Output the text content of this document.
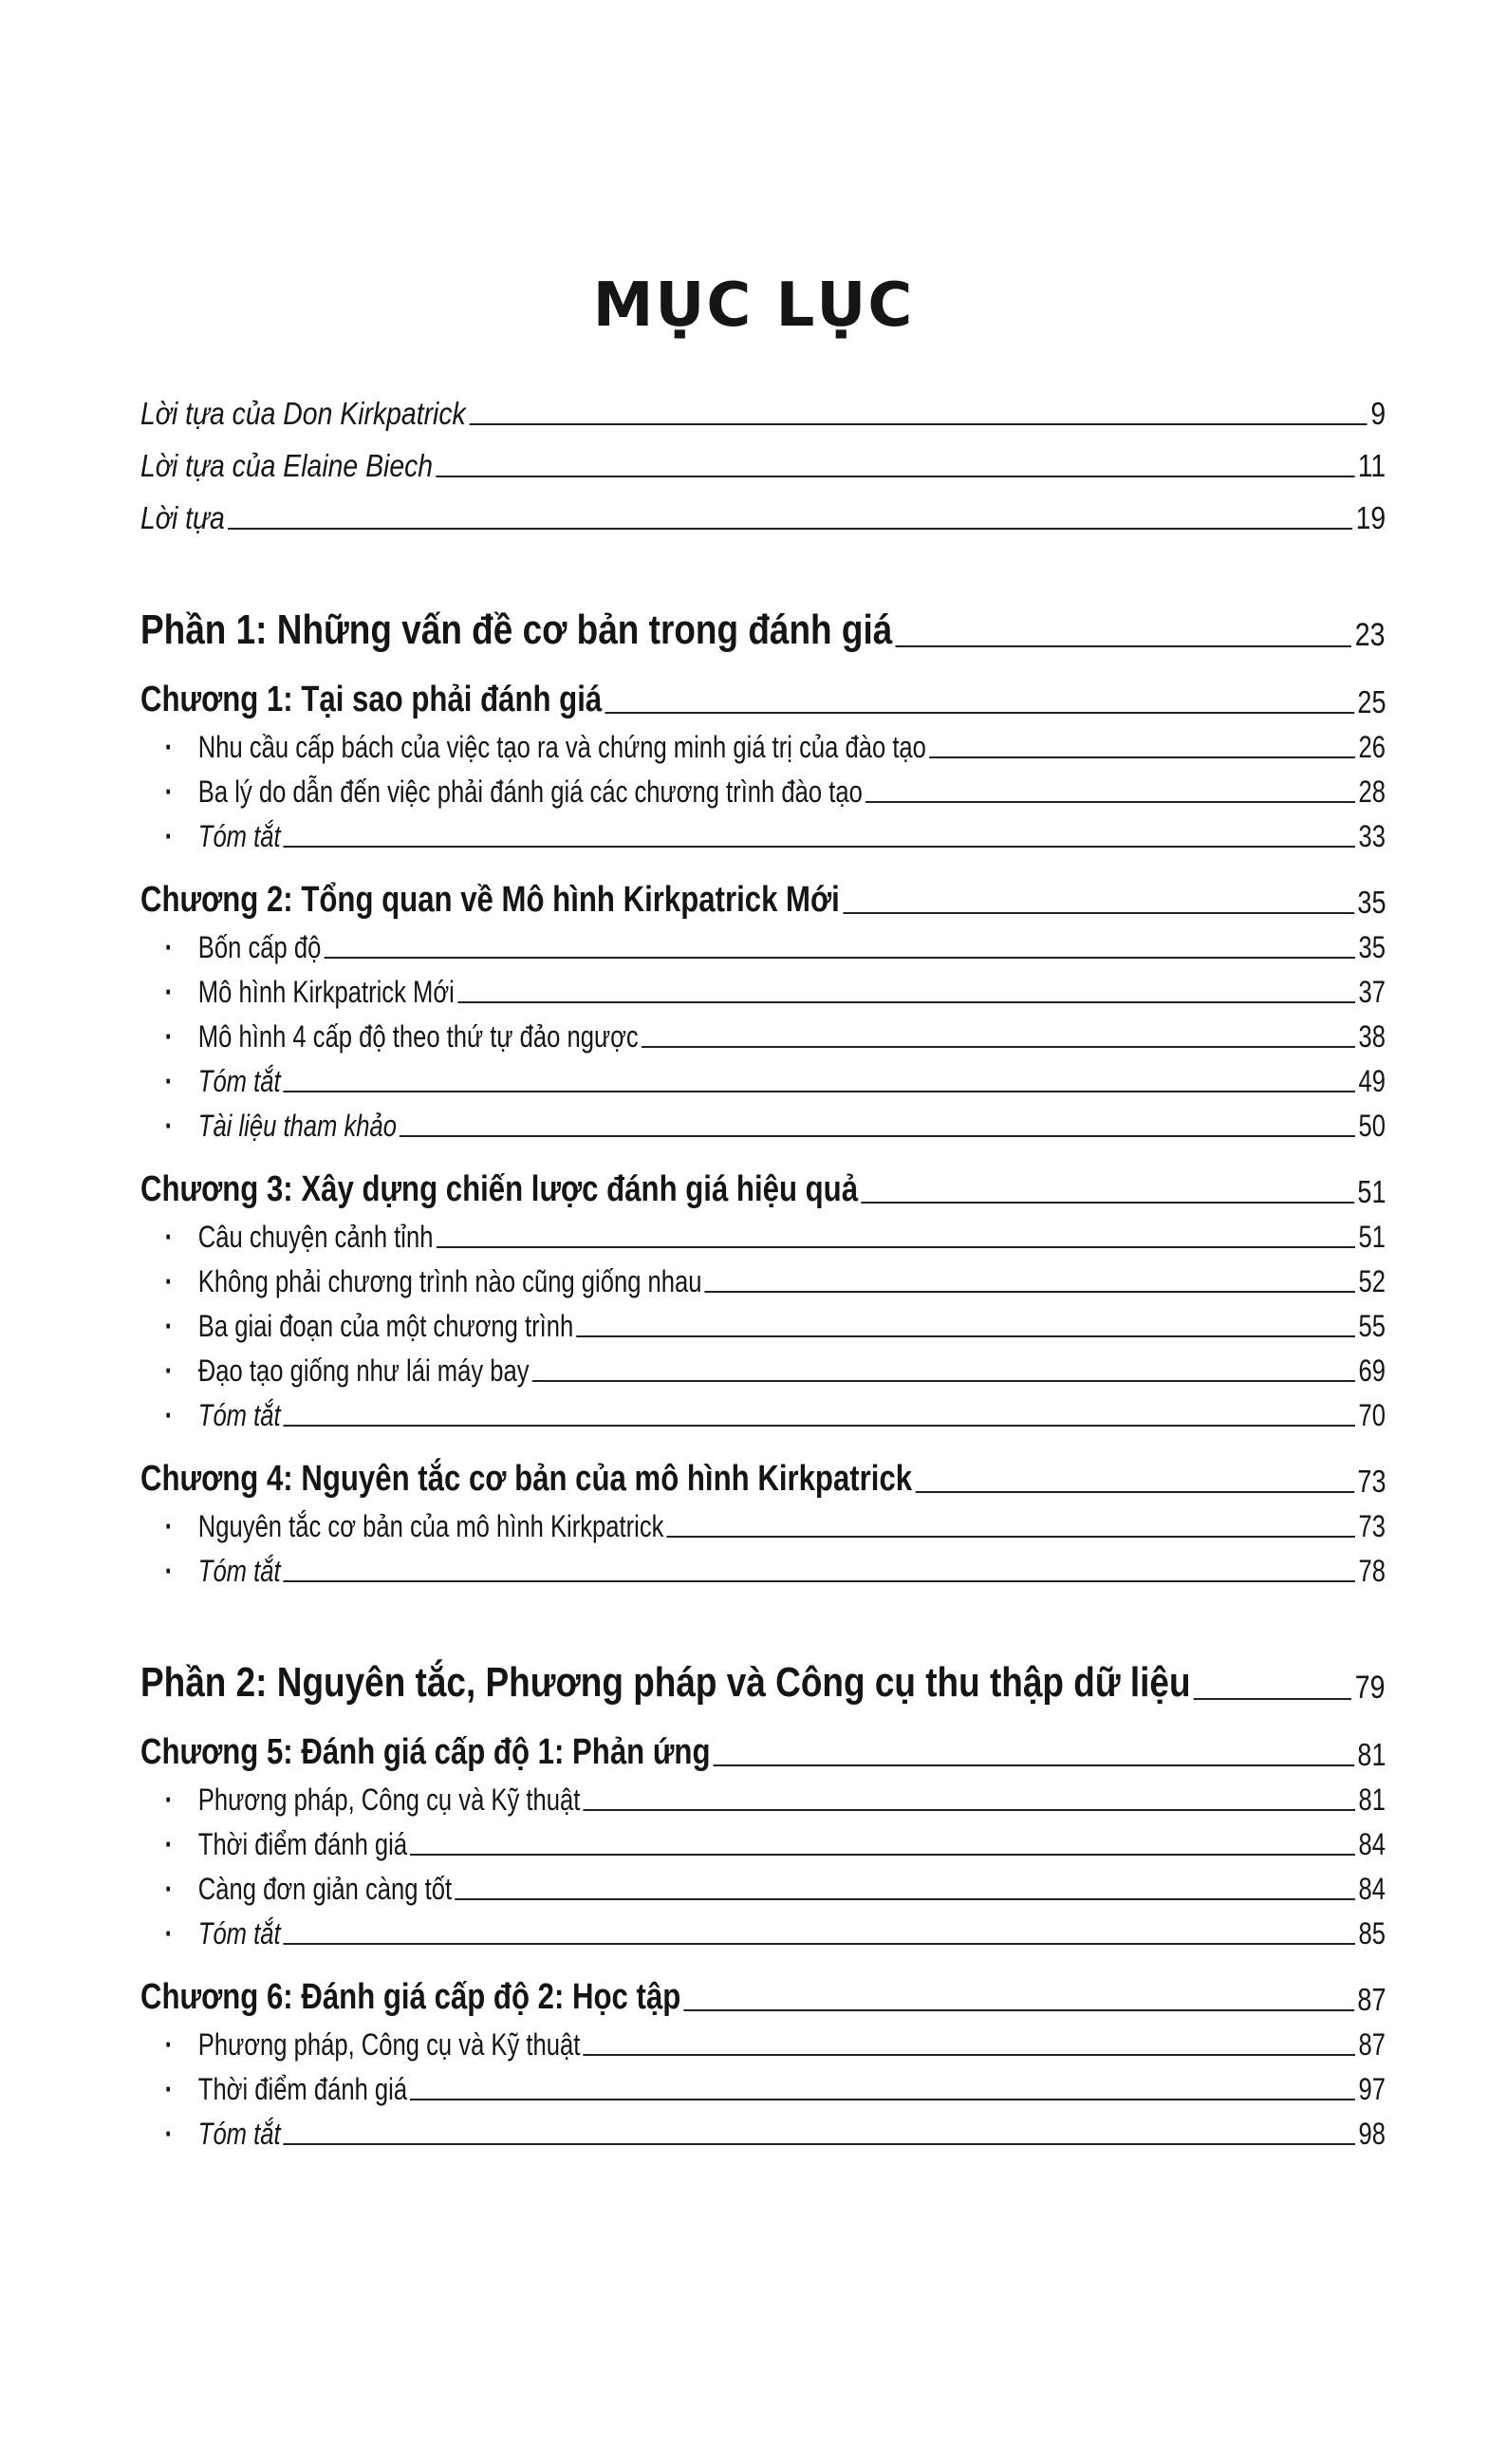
MỤC LỤC
Lời tựa của Don Kirkpatrick	9
Lời tựa của Elaine Biech	11
Lời tựa	19
Phần 1: Những vấn đề cơ bản trong đánh giá	23
Chương 1: Tại sao phải đánh giá	25
· Nhu cầu cấp bách của việc tạo ra và chứng minh giá trị của đào tạo	26
· Ba lý do dẫn đến việc phải đánh giá các chương trình đào tạo	28
· Tóm tắt	33
Chương 2: Tổng quan về Mô hình Kirkpatrick Mới	35
· Bốn cấp độ	35
· Mô hình Kirkpatrick Mới	37
· Mô hình 4 cấp độ theo thứ tự đảo ngược	38
· Tóm tắt	49
· Tài liệu tham khảo	50
Chương 3: Xây dựng chiến lược đánh giá hiệu quả	51
· Câu chuyện cảnh tỉnh	51
· Không phải chương trình nào cũng giống nhau	52
· Ba giai đoạn của một chương trình	55
· Đạo tạo giống như lái máy bay	69
· Tóm tắt	70
Chương 4: Nguyên tắc cơ bản của mô hình Kirkpatrick	73
· Nguyên tắc cơ bản của mô hình Kirkpatrick	73
· Tóm tắt	78
Phần 2: Nguyên tắc, Phương pháp và Công cụ thu thập dữ liệu	79
Chương 5: Đánh giá cấp độ 1: Phản ứng	81
· Phương pháp, Công cụ và Kỹ thuật	81
· Thời điểm đánh giá	84
· Càng đơn giản càng tốt	84
· Tóm tắt	85
Chương 6: Đánh giá cấp độ 2: Học tập	87
· Phương pháp, Công cụ và Kỹ thuật	87
· Thời điểm đánh giá	97
· Tóm tắt	98
